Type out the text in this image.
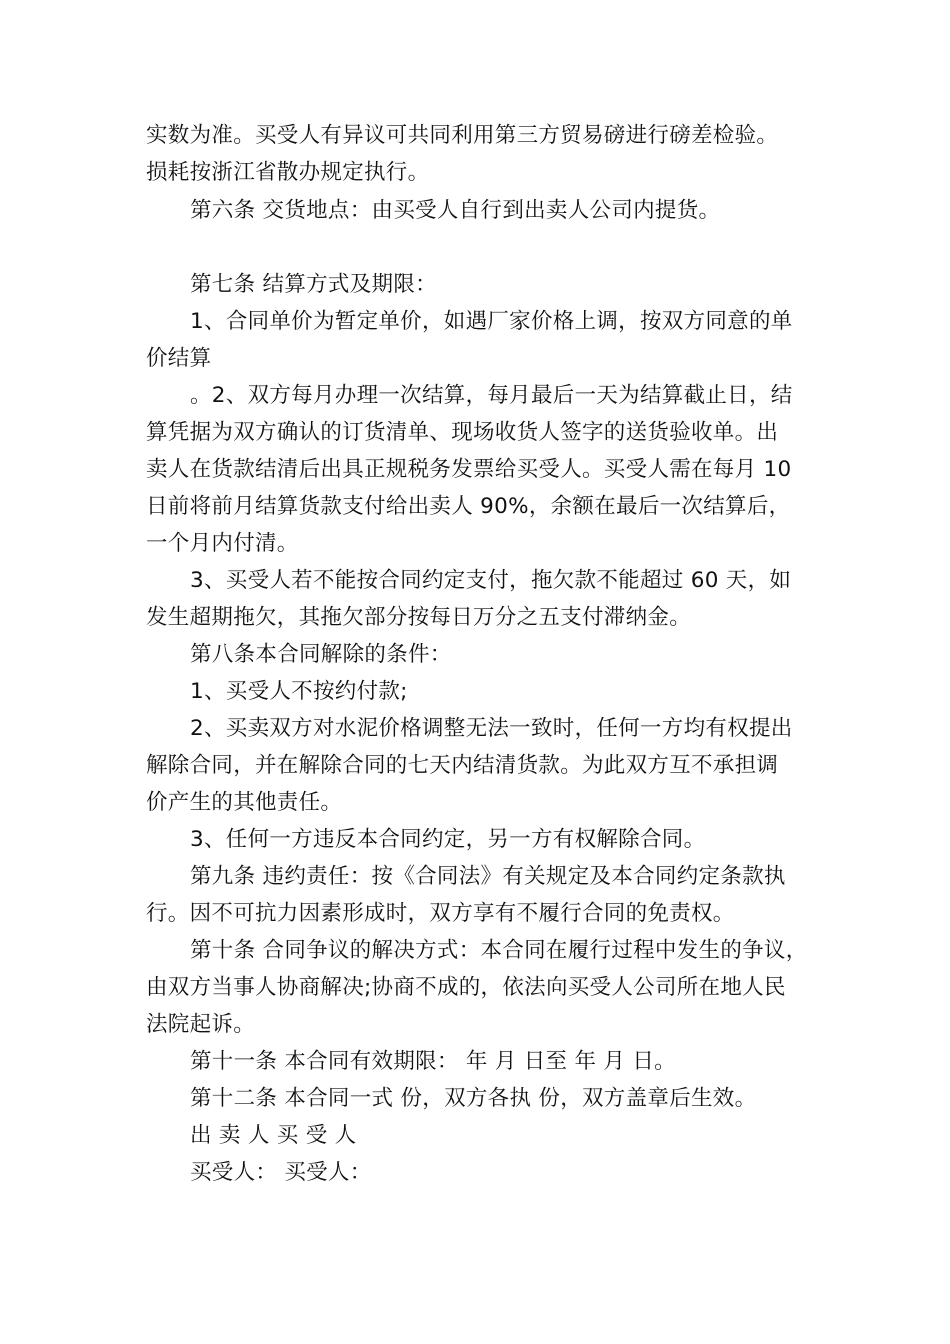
实数为准。买受人有异议可共同利用第三方贸易磅进行磅差检验。
损耗按浙江省散办规定执行。
第六条 交货地点：由买受人自行到出卖人公司内提货。
第七条 结算方式及期限：
1、合同单价为暂定单价，如遇厂家价格上调，按双方同意的单
价结算
。2、双方每月办理一次结算，每月最后一天为结算截止日，结
算凭据为双方确认的订货清单、现场收货人签字的送货验收单。出
卖人在货款结清后出具正规税务发票给买受人。买受人需在每月 10
日前将前月结算货款支付给出卖人 90%，余额在最后一次结算后，
一个月内付清。
3、买受人若不能按合同约定支付，拖欠款不能超过 60 天，如
发生超期拖欠，其拖欠部分按每日万分之五支付滞纳金。
第八条本合同解除的条件：
1、买受人不按约付款;
2、买卖双方对水泥价格调整无法一致时，任何一方均有权提出
解除合同，并在解除合同的七天内结清货款。为此双方互不承担调
价产生的其他责任。
3、任何一方违反本合同约定，另一方有权解除合同。
第九条 违约责任：按《合同法》有关规定及本合同约定条款执
行。因不可抗力因素形成时，双方享有不履行合同的免责权。
第十条 合同争议的解决方式：本合同在履行过程中发生的争议，
由双方当事人协商解决;协商不成的，依法向买受人公司所在地人民
法院起诉。
第十一条 本合同有效期限： 年 月 日至 年 月 日。
第十二条 本合同一式 份，双方各执 份，双方盖章后生效。
出 卖 人 买 受 人
买受人： 买受人：
